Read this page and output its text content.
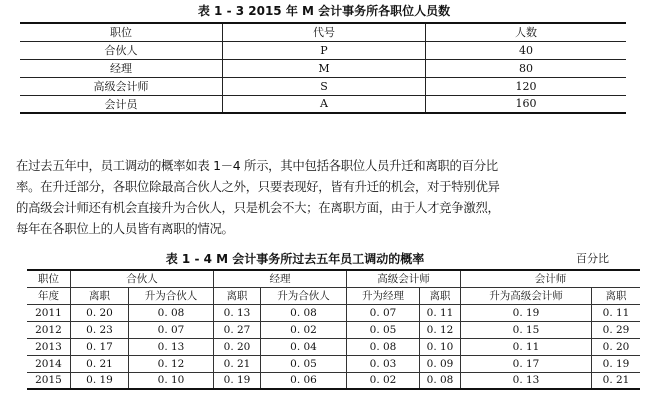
表 1 - 3 2015 年 M 会计事务所各职位人员数
职位	代号	人数
合伙人	P	40
经理	M	80
高级会计师	S	120
会计员	A	160
在过去五年中，员工调动的概率如表 1－4 所示，其中包括各职位人员升迁和离职的百分比
率。在升迁部分，各职位除最高合伙人之外，只要表现好，皆有升迁的机会，对于特别优异
的高级会计师还有机会直接升为合伙人，只是机会不大；在离职方面，由于人才竞争激烈，
每年在各职位上的人员皆有离职的情况。
表 1 - 4 M 会计事务所过去五年员工调动的概率	百分比
职位	合伙人		经理		高级会计师		会计师	
年度	离职	升为合伙人	离职	升为合伙人	升为经理	离职	升为高级会计师	离职
2011	0. 20	0. 08	0. 13	0. 08	0. 07	0. 11	0. 19	0. 11
2012	0. 23	0. 07	0. 27	0. 02	0. 05	0. 12	0. 15	0. 29
2013	0. 17	0. 13	0. 20	0. 04	0. 08	0. 10	0. 11	0. 20
2014	0. 21	0. 12	0. 21	0. 05	0. 03	0. 09	0. 17	0. 19
2015	0. 19	0. 10	0. 19	0. 06	0. 02	0. 08	0. 13	0. 21
